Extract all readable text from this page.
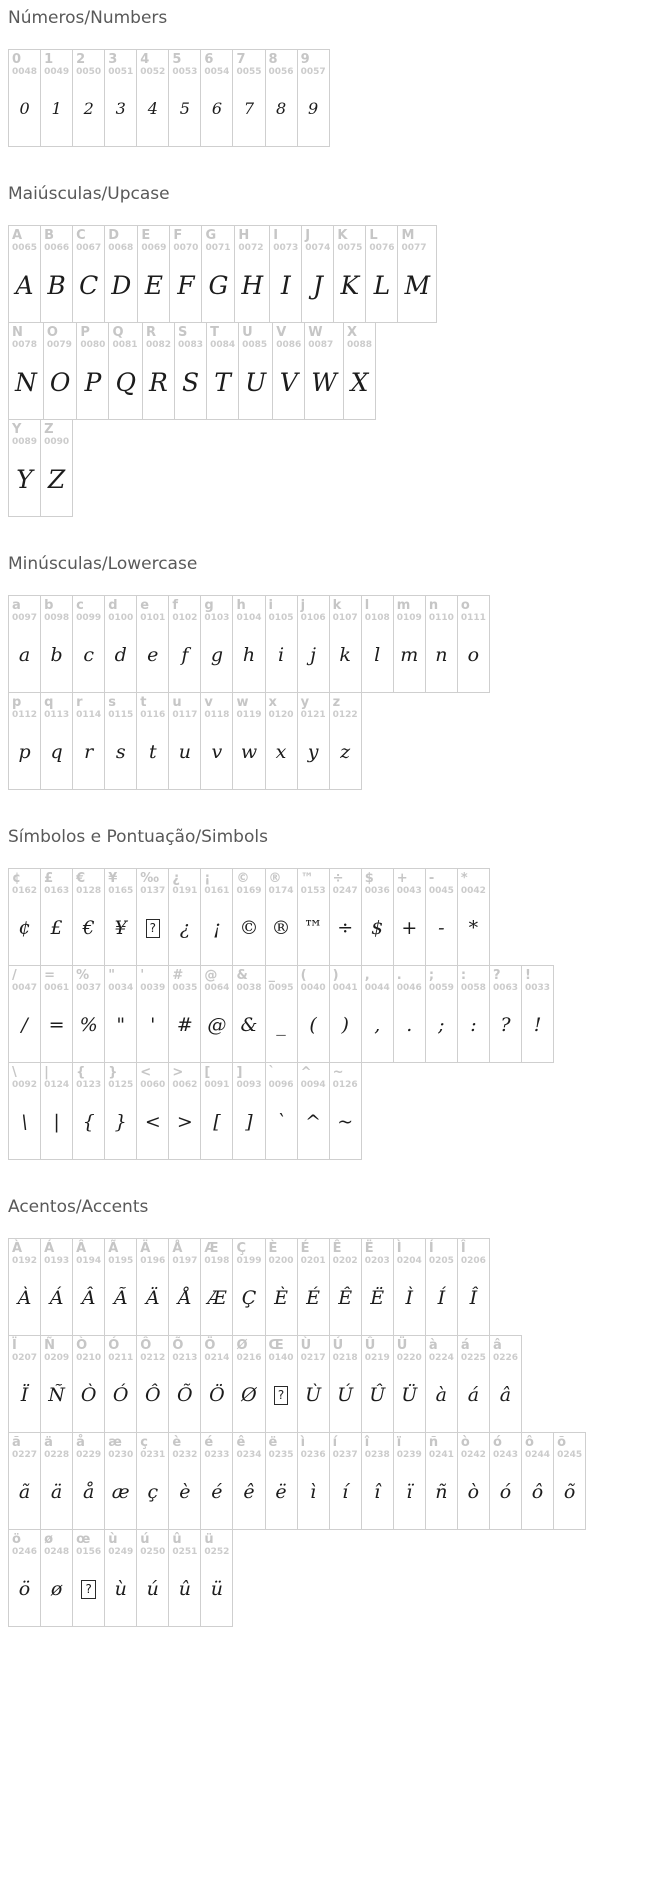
Números/Numbers
0
0048
0
1
0049
1
2
0050
2
3
0051
3
4
0052
4
5
0053
5
6
0054
6
7
0055
7
8
0056
8
9
0057
9
Maiúsculas/Upcase
A
0065
A
B
0066
B
C
0067
C
D
0068
D
E
0069
E
F
0070
F
G
0071
G
H
0072
H
I
0073
I
J
0074
J
K
0075
K
L
0076
L
M
0077
M
N
0078
N
O
0079
O
P
0080
P
Q
0081
Q
R
0082
R
S
0083
S
T
0084
T
U
0085
U
V
0086
V
W
0087
W
X
0088
X
Y
0089
Y
Z
0090
Z
Minúsculas/Lowercase
a
0097
a
b
0098
b
c
0099
c
d
0100
d
e
0101
e
f
0102
f
g
0103
g
h
0104
h
i
0105
i
j
0106
j
k
0107
k
l
0108
l
m
0109
m
n
0110
n
o
0111
o
p
0112
p
q
0113
q
r
0114
r
s
0115
s
t
0116
t
u
0117
u
v
0118
v
w
0119
w
x
0120
x
y
0121
y
z
0122
z
Símbolos e Pontuação/Simbols
¢
0162
¢
£
0163
£
€
0128
€
¥
0165
¥
‰
0137
?
¿
0191
¿
¡
0161
¡
©
0169
©
®
0174
®
™
0153
™
÷
0247
÷
$
0036
$
+
0043
+
-
0045
-
*
0042
*
/
0047
/
=
0061
=
%
0037
%
"
0034
"
'
0039
'
#
0035
#
@
0064
@
&
0038
&
_
0095
_
(
0040
(
)
0041
)
,
0044
,
.
0046
.
;
0059
;
:
0058
:
?
0063
?
!
0033
!
\
0092
\
|
0124
|
{
0123
{
}
0125
}
<
0060
<
>
0062
>
[
0091
[
]
0093
]
`
0096
`
^
0094
^
~
0126
~
Acentos/Accents
À
0192
À
Á
0193
Á
Â
0194
Â
Ã
0195
Ã
Ä
0196
Ä
Å
0197
Å
Æ
0198
Æ
Ç
0199
Ç
È
0200
È
É
0201
É
Ê
0202
Ê
Ë
0203
Ë
Ì
0204
Ì
Í
0205
Í
Î
0206
Î
Ï
0207
Ï
Ñ
0209
Ñ
Ò
0210
Ò
Ó
0211
Ó
Ô
0212
Ô
Õ
0213
Õ
Ö
0214
Ö
Ø
0216
Ø
Œ
0140
?
Ù
0217
Ù
Ú
0218
Ú
Û
0219
Û
Ü
0220
Ü
à
0224
à
á
0225
á
â
0226
â
ã
0227
ã
ä
0228
ä
å
0229
å
æ
0230
æ
ç
0231
ç
è
0232
è
é
0233
é
ê
0234
ê
ë
0235
ë
ì
0236
ì
í
0237
í
î
0238
î
ï
0239
ï
ñ
0241
ñ
ò
0242
ò
ó
0243
ó
ô
0244
ô
õ
0245
õ
ö
0246
ö
ø
0248
ø
œ
0156
?
ù
0249
ù
ú
0250
ú
û
0251
û
ü
0252
ü
